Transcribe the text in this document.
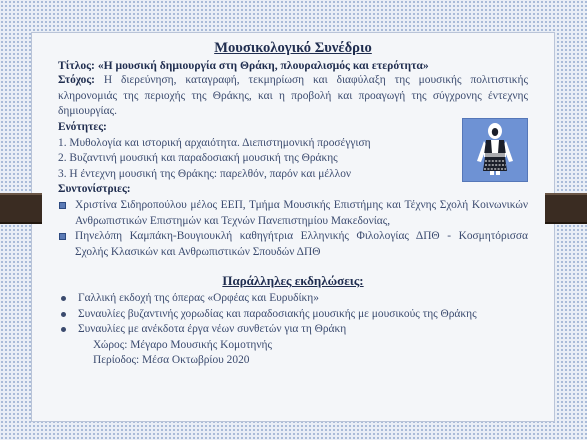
Μουσικολογικό Συνέδριο
Τίτλος: «Η μουσική δημιουργία στη Θράκη, πλουραλισμός και ετερότητα»
Στόχος: Η διερεύνηση, καταγραφή, τεκμηρίωση και διαφύλαξη της μουσικής πολιτιστικής κληρονομιάς της περιοχής της Θράκης, και η προβολή και προαγωγή της σύγχρονης έντεχνης δημιουργίας.
Ενότητες:
1. Μυθολογία και ιστορική αρχαιότητα. Διεπιστημονική προσέγγιση
2. Βυζαντινή μουσική και παραδοσιακή μουσική της Θράκης
3. Η έντεχνη μουσική της Θράκης: παρελθόν, παρόν και μέλλον
Συντονίστριες:
Χριστίνα Σιδηροπούλου μέλος ΕΕΠ, Τμήμα Μουσικής Επιστήμης και Τέχνης Σχολή Κοινωνικών Ανθρωπιστικών Επιστημών και Τεχνών Πανεπιστημίου Μακεδονίας,
Πηνελόπη Καμπάκη-Βουγιουκλή καθηγήτρια Ελληνικής Φιλολογίας ΔΠΘ - Κοσμητόρισσα Σχολής Κλασικών και Ανθρωπιστικών Σπουδών ΔΠΘ
Παράλληλες εκδηλώσεις:
Γαλλική εκδοχή της όπερας «Ορφέας και Ευρυδίκη»
Συναυλίες βυζαντινής χορωδίας και παραδοσιακής μουσικής με μουσικούς της Θράκης
Συναυλίες με ανέκδοτα έργα νέων συνθετών για τη Θράκη
Χώρος: Μέγαρο Μουσικής Κομοτηνής
Περίοδος: Μέσα Οκτωβρίου 2020
